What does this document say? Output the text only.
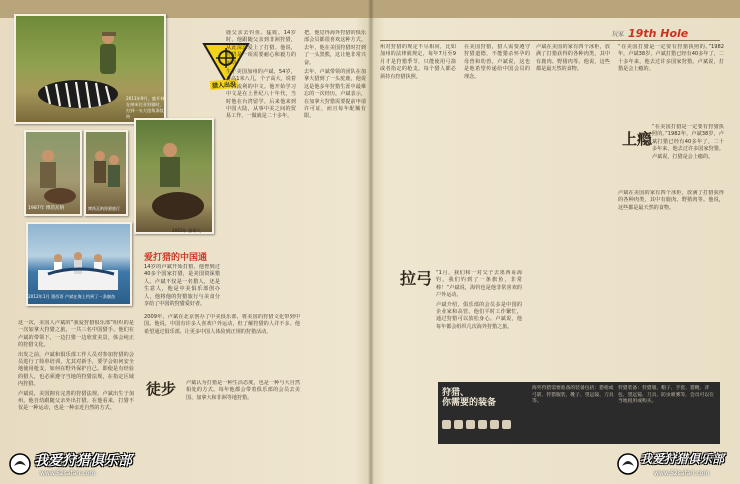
2011年9月，鹿开林在纳米比亚狩猎时，打到一头大扭角条纹羚
猎人出没
1987年 博茨瓦纳	博茨瓦纳狩猎旅行
2003年 加拿大
2012年1月 墨西哥 卢斌在海上钓到了一条旗鱼
爱打猎的中国通
14岁的卢斌开始打猎，他曾到过40多个国家打猎，是美国资深猎人。卢斌不仅是一名猎人，还是生意人，他是中美俱乐部创办人，他将他的狩猎旅行与美食分享给了中国的狩猎爱好者。

这一次，美国人卢斌的“我爱狩猎俱乐部”组织的是一次加拿大狩猎之旅，一共三名中国猎手。他们在卢斌的带领下，一边打猎一边欣赏美景，体会纯正的狩猎文化。

出发之前，卢斌和俱乐部工作人员对参加狩猎的会员进行了简单培训，尤其对新手，要学会如何安全地使用枪支，如何在野外保护自己。即使是有经验的猎人，也必须遵守当地的狩猎法规，在指定区域内狩猎。

卢斌说，美国拥有完善的狩猎法规。卢斌出生于加州，他自幼跟随父亲外出打猎。在他看来，打猎不仅是一种运动，也是一种亲近自然的方式。

鹿父亲去钓鱼、猛蛇。14岁时，他跟随父亲到非洲狩猎，从此深深爱上了打猎。他说，狩猎是一项需要耐心和毅力的运动。

生于美国加州的卢斌，54岁，身高1米八几，个子高大，说着一口流利的中文。他开始学习中文是在上世纪八十年代，当时他在台湾留学。后来他来到中国大陆，从事中美之间的贸易工作，一做就是二十多年。

2009年，卢斌在北京创办了中美俱乐部，将美国的狩猎文化带到中国。他说，中国有许多人喜欢户外运动，但了解狩猎的人并不多。他希望通过俱乐部，让更多中国人体验到正规的狩猎活动。

徒步 卢斌认为打猎是一种生活态度，也是一种与大自然相处的方式。每年他都会带着俱乐部的会员去美国、加拿大和非洲等地狩猎。

把，他觉得海外狩猎的俱乐部会员都很喜欢这种方式。去年，他在美国狩猎时打到了一头黑熊，这让他非常兴奋。

去年，卢斌带领的团队在加拿大猎到了一头驼鹿，他说这是他多年狩猎生涯中最难忘的一次经历。卢斌表示，在加拿大狩猎需要提前申请许可证，而且每年配额有限。

玩家 19th Hole

州对狩猎的规定不尽相同，比如加州的法律就规定，每年7月至9月才是狩猎季节，只能使用弓箭或者指定的枪支。每个猎人都必须持有狩猎执照。

拉弓 “1月，我们和一对父子去墨西哥海钓，我们钓到了一条旗鱼，非常棒！”卢斌说，海钓也是他非常喜欢的户外运动。

卢斌介绍，俱乐部的会员多是中国的企业家和高管，他们平时工作繁忙，通过狩猎可以放松身心。卢斌说，他每年都会组织几次海外狩猎之旅。

在美国狩猎，猎人需要遵守狩猎道德，不能猎杀怀孕的母兽和幼兽。卢斌说，这也是他希望传递给中国会员的理念。

卢斌在美国的家有四个冰柜，放满了打猎获得的各种肉类，其中有鹿肉、野猪肉等。他说，这些都是最天然的食物。

上瘾

“在美国打猎是一定要有狩猎执照的。”1982年，卢斌38岁，卢斌打猎已经有40多年了，二十多年来，他去过许多国家狩猎。卢斌说，打猎是会上瘾的。

卢斌在美国的家有四个冰柜，放满了打猎获得的各种肉类，其中有鹿肉、野猪肉等。他说，这些都是最天然的食物。

“在美国打猎是一定要有狩猎执照的。”1982年，卢斌38岁，卢斌打猎已经有40多年了，二十多年来，他去过许多国家狩猎。卢斌说，打猎是会上瘾的。

狩猎、
你需要的装备
海外狩猎需要准备的装备包括：猎枪或弓箭、狩猎服装、靴子、望远镜、刀具等。
狩猎装备：狩猎服、帽子、手套、猎靴、背包、望远镜、刀具、防虫喷雾等，会员可以在当地租用或购买。
我爱狩猎俱乐部
www.52safari.com
我爱狩猎俱乐部
www.52safari.com
